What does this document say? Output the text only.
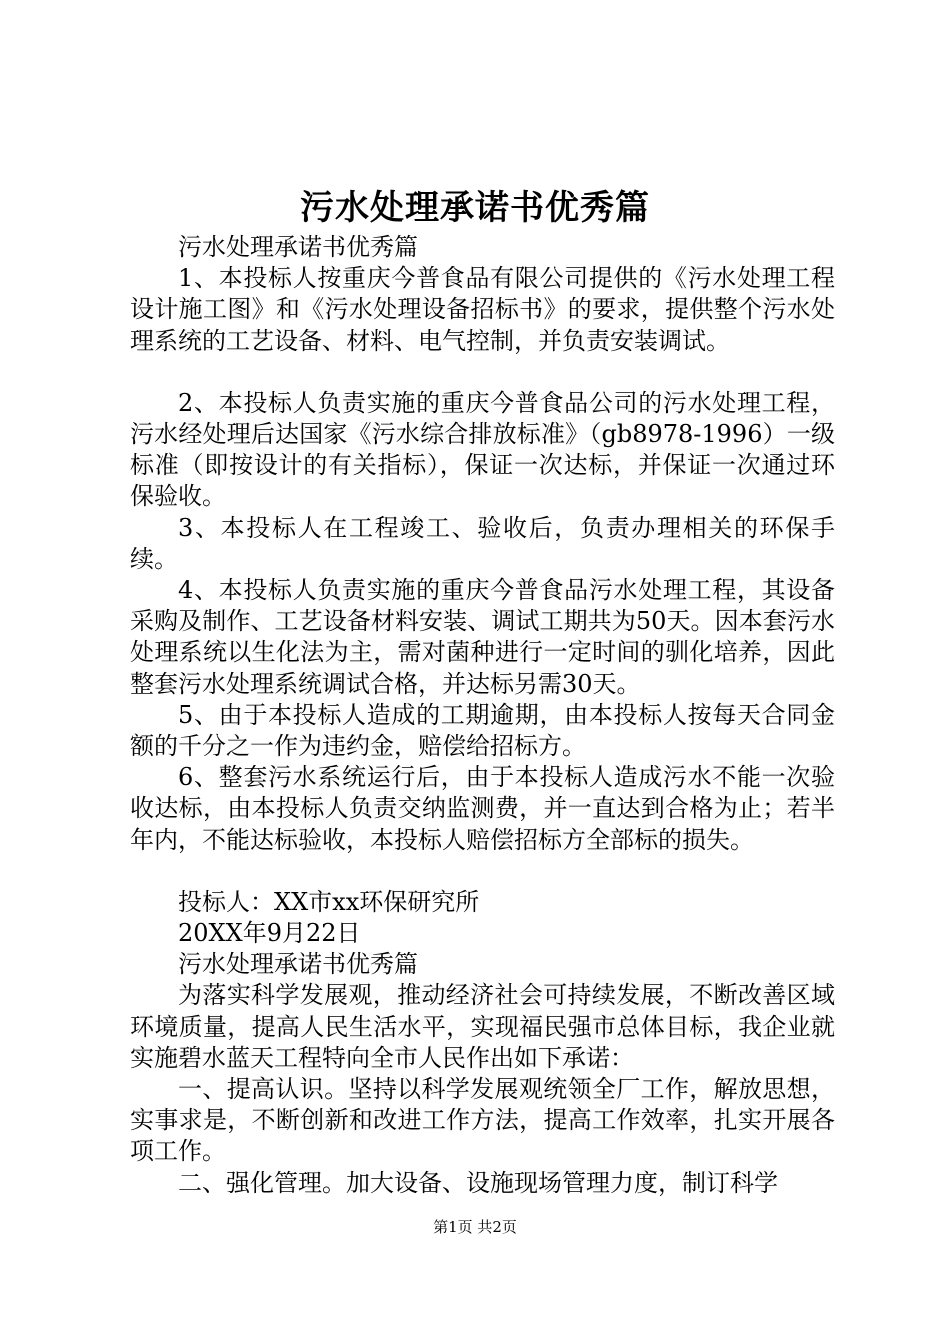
污水处理承诺书优秀篇

污水处理承诺书优秀篇

1、本投标人按重庆今普食品有限公司提供的《污水处理工程设计施工图》和《污水处理设备招标书》的要求，提供整个污水处理系统的工艺设备、材料、电气控制，并负责安装调试。

2、本投标人负责实施的重庆今普食品公司的污水处理工程，污水经处理后达国家《污水综合排放标准》（gb8978-1996）一级标准（即按设计的有关指标），保证一次达标，并保证一次通过环保验收。

3、本投标人在工程竣工、验收后，负责办理相关的环保手续。

4、本投标人负责实施的重庆今普食品污水处理工程，其设备采购及制作、工艺设备材料安装、调试工期共为50天。因本套污水处理系统以生化法为主，需对菌种进行一定时间的驯化培养，因此整套污水处理系统调试合格，并达标另需30天。

5、由于本投标人造成的工期逾期，由本投标人按每天合同金额的千分之一作为违约金，赔偿给招标方。

6、整套污水系统运行后，由于本投标人造成污水不能一次验收达标，由本投标人负责交纳监测费，并一直达到合格为止；若半年内，不能达标验收，本投标人赔偿招标方全部标的损失。

投标人：XX市xx环保研究所

20XX年9月22日

污水处理承诺书优秀篇

为落实科学发展观，推动经济社会可持续发展，不断改善区域环境质量，提高人民生活水平，实现福民强市总体目标，我企业就实施碧水蓝天工程特向全市人民作出如下承诺：

一、提高认识。坚持以科学发展观统领全厂工作，解放思想，实事求是，不断创新和改进工作方法，提高工作效率，扎实开展各项工作。

二、强化管理。加大设备、设施现场管理力度，制订科学

第1页 共2页
